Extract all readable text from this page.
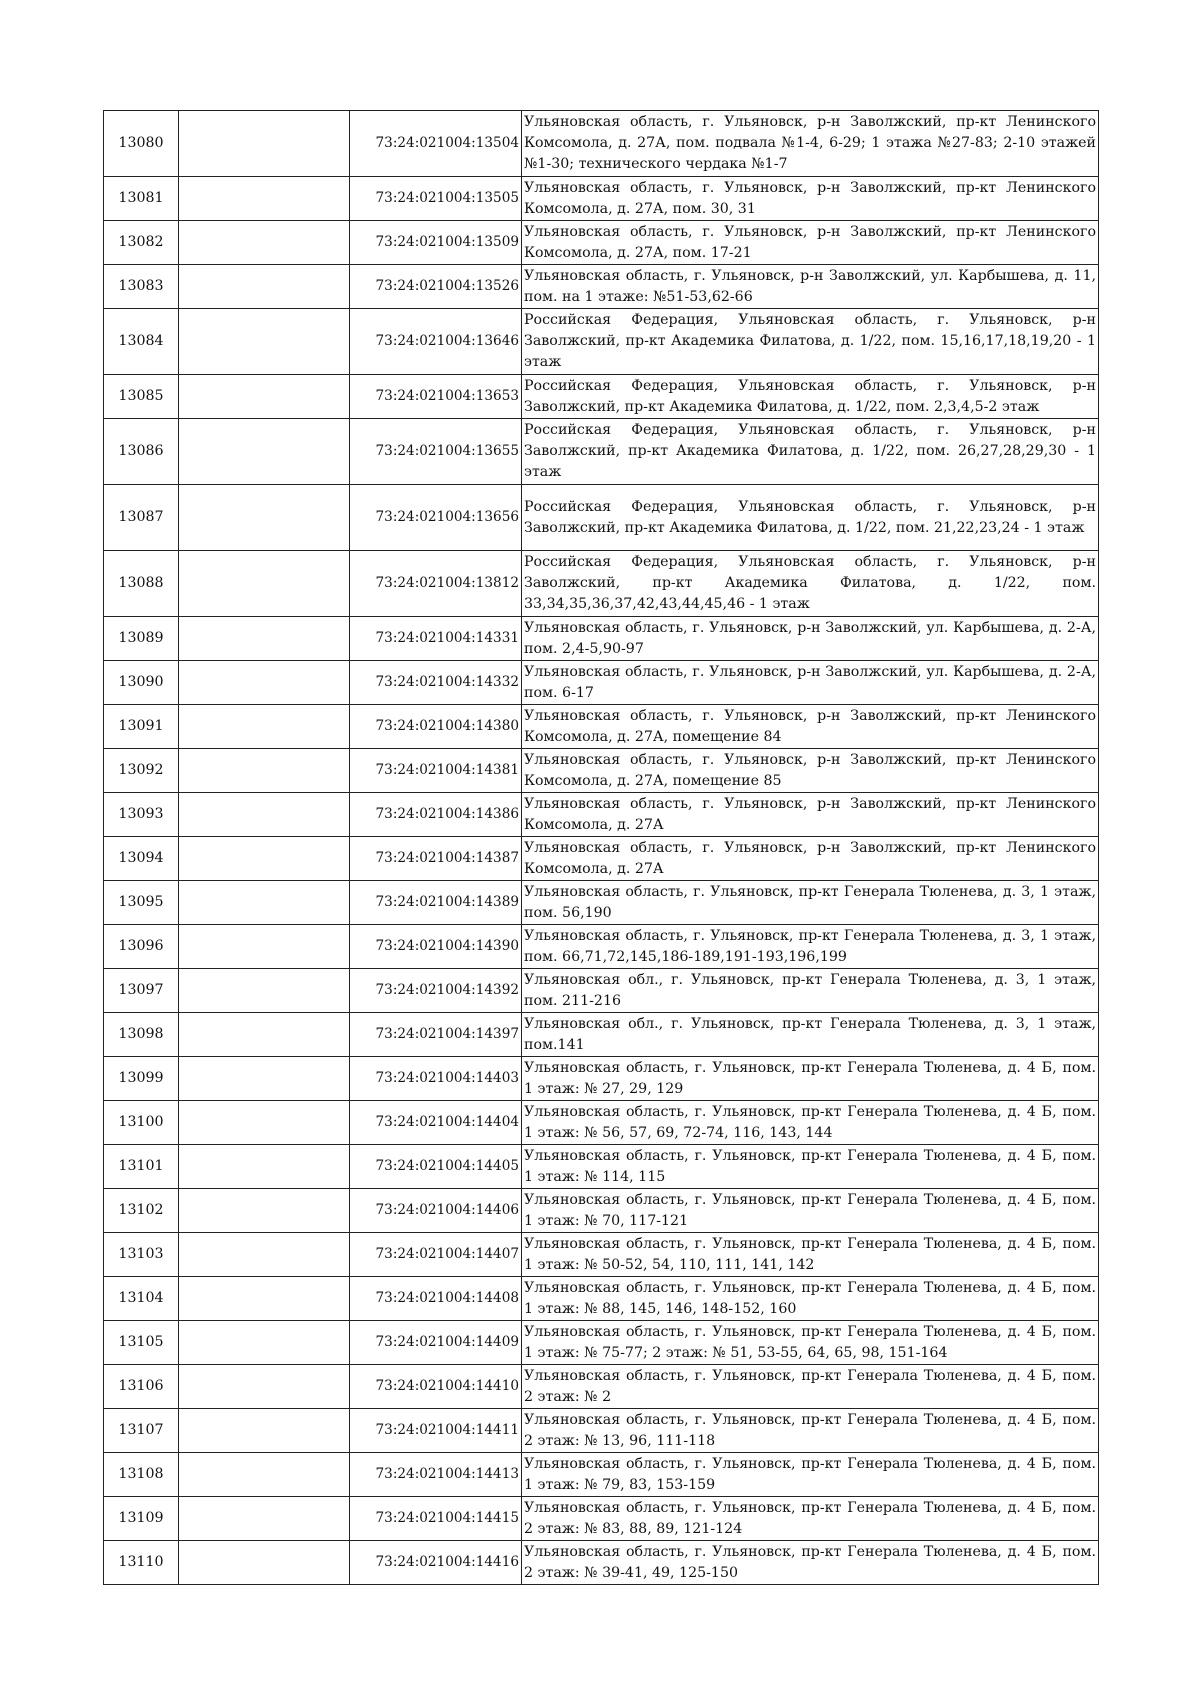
13080		73:24:021004:13504	Ульяновская область, г. Ульяновск, р-н Заволжский, пр-кт Ленинского Комсомола, д. 27А, пом. подвала №1-4, 6-29; 1 этажа №27-83; 2-10 этажей №1-30; технического чердака №1-7
13081		73:24:021004:13505	Ульяновская область, г. Ульяновск, р-н Заволжский, пр-кт Ленинского Комсомола, д. 27А, пом. 30, 31
13082		73:24:021004:13509	Ульяновская область, г. Ульяновск, р-н Заволжский, пр-кт Ленинского Комсомола, д. 27А, пом. 17-21
13083		73:24:021004:13526	Ульяновская область, г. Ульяновск, р-н Заволжский, ул. Карбышева, д. 11, пом. на 1 этаже: №51-53,62-66
13084		73:24:021004:13646	Российская Федерация, Ульяновская область, г. Ульяновск, р-н Заволжский, пр-кт Академика Филатова, д. 1/22, пом. 15,16,17,18,19,20 - 1 этаж
13085		73:24:021004:13653	Российская Федерация, Ульяновская область, г. Ульяновск, р-н Заволжский, пр-кт Академика Филатова, д. 1/22, пом. 2,3,4,5-2 этаж
13086		73:24:021004:13655	Российская Федерация, Ульяновская область, г. Ульяновск, р-н Заволжский, пр-кт Академика Филатова, д. 1/22, пом. 26,27,28,29,30 - 1 этаж
13087		73:24:021004:13656	Российская Федерация, Ульяновская область, г. Ульяновск, р-н Заволжский, пр-кт Академика Филатова, д. 1/22, пом. 21,22,23,24 - 1 этаж
13088		73:24:021004:13812	Российская Федерация, Ульяновская область, г. Ульяновск, р-н Заволжский, пр-кт Академика Филатова, д. 1/22, пом. 33,34,35,36,37,42,43,44,45,46 - 1 этаж
13089		73:24:021004:14331	Ульяновская область, г. Ульяновск, р-н Заволжский, ул. Карбышева, д. 2-А, пом. 2,4-5,90-97
13090		73:24:021004:14332	Ульяновская область, г. Ульяновск, р-н Заволжский, ул. Карбышева, д. 2-А, пом. 6-17
13091		73:24:021004:14380	Ульяновская область, г. Ульяновск, р-н Заволжский, пр-кт Ленинского Комсомола, д. 27А, помещение 84
13092		73:24:021004:14381	Ульяновская область, г. Ульяновск, р-н Заволжский, пр-кт Ленинского Комсомола, д. 27А, помещение 85
13093		73:24:021004:14386	Ульяновская область, г. Ульяновск, р-н Заволжский, пр-кт Ленинского Комсомола, д. 27А
13094		73:24:021004:14387	Ульяновская область, г. Ульяновск, р-н Заволжский, пр-кт Ленинского Комсомола, д. 27А
13095		73:24:021004:14389	Ульяновская область, г. Ульяновск, пр-кт Генерала Тюленева, д. 3, 1 этаж, пом. 56,190
13096		73:24:021004:14390	Ульяновская область, г. Ульяновск, пр-кт Генерала Тюленева, д. 3, 1 этаж, пом. 66,71,72,145,186-189,191-193,196,199
13097		73:24:021004:14392	Ульяновская обл., г. Ульяновск, пр-кт Генерала Тюленева, д. 3, 1 этаж, пом. 211-216
13098		73:24:021004:14397	Ульяновская обл., г. Ульяновск, пр-кт Генерала Тюленева, д. 3, 1 этаж, пом.141
13099		73:24:021004:14403	Ульяновская область, г. Ульяновск, пр-кт Генерала Тюленева, д. 4 Б, пом. 1 этаж: № 27, 29, 129
13100		73:24:021004:14404	Ульяновская область, г. Ульяновск, пр-кт Генерала Тюленева, д. 4 Б, пом. 1 этаж: № 56, 57, 69, 72-74, 116, 143, 144
13101		73:24:021004:14405	Ульяновская область, г. Ульяновск, пр-кт Генерала Тюленева, д. 4 Б, пом. 1 этаж: № 114, 115
13102		73:24:021004:14406	Ульяновская область, г. Ульяновск, пр-кт Генерала Тюленева, д. 4 Б, пом. 1 этаж: № 70, 117-121
13103		73:24:021004:14407	Ульяновская область, г. Ульяновск, пр-кт Генерала Тюленева, д. 4 Б, пом. 1 этаж: № 50-52, 54, 110, 111, 141, 142
13104		73:24:021004:14408	Ульяновская область, г. Ульяновск, пр-кт Генерала Тюленева, д. 4 Б, пом. 1 этаж: № 88, 145, 146, 148-152, 160
13105		73:24:021004:14409	Ульяновская область, г. Ульяновск, пр-кт Генерала Тюленева, д. 4 Б, пом. 1 этаж: № 75-77; 2 этаж: № 51, 53-55, 64, 65, 98, 151-164
13106		73:24:021004:14410	Ульяновская область, г. Ульяновск, пр-кт Генерала Тюленева, д. 4 Б, пом. 2 этаж: № 2
13107		73:24:021004:14411	Ульяновская область, г. Ульяновск, пр-кт Генерала Тюленева, д. 4 Б, пом. 2 этаж: № 13, 96, 111-118
13108		73:24:021004:14413	Ульяновская область, г. Ульяновск, пр-кт Генерала Тюленева, д. 4 Б, пом. 1 этаж: № 79, 83, 153-159
13109		73:24:021004:14415	Ульяновская область, г. Ульяновск, пр-кт Генерала Тюленева, д. 4 Б, пом. 2 этаж: № 83, 88, 89, 121-124
13110		73:24:021004:14416	Ульяновская область, г. Ульяновск, пр-кт Генерала Тюленева, д. 4 Б, пом. 2 этаж: № 39-41, 49, 125-150
